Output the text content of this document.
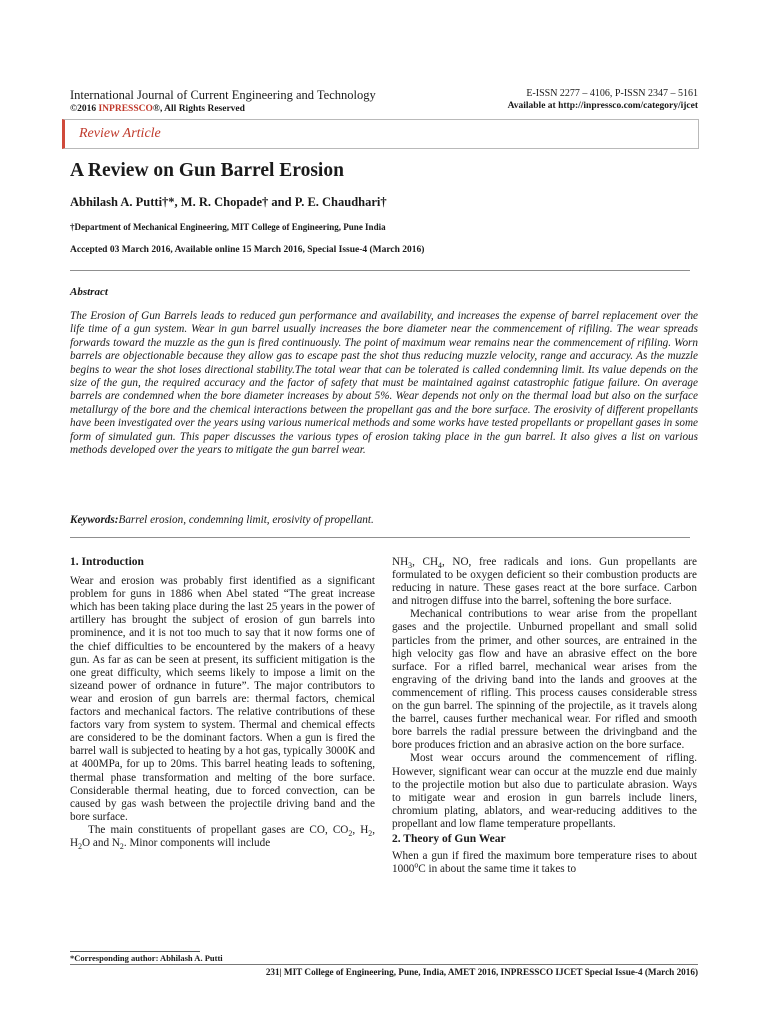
International Journal of Current Engineering and Technology
©2016 INPRESSCO®, All Rights Reserved
E-ISSN 2277 – 4106, P-ISSN 2347 – 5161
Available at http://inpressco.com/category/ijcet
Review Article
A Review on Gun Barrel Erosion
Abhilash A. Putti†*, M. R. Chopade† and P. E. Chaudhari†
†Department of Mechanical Engineering, MIT College of Engineering, Pune India
Accepted 03 March 2016, Available online 15 March 2016, Special Issue-4 (March 2016)
Abstract

The Erosion of Gun Barrels leads to reduced gun performance and availability, and increases the expense of barrel replacement over the life time of a gun system. Wear in gun barrel usually increases the bore diameter near the commencement of rifiling. The wear spreads forwards toward the muzzle as the gun is fired continuously. The point of maximum wear remains near the commencement of rifiling. Worn barrels are objectionable because they allow gas to escape past the shot thus reducing muzzle velocity, range and accuracy. As the muzzle begins to wear the shot loses directional stability.The total wear that can be tolerated is called condemning limit. Its value depends on the size of the gun, the required accuracy and the factor of safety that must be maintained against catastrophic fatigue failure. On average barrels are condemned when the bore diameter increases by about 5%. Wear depends not only on the thermal load but also on the surface metallurgy of the bore and the chemical interactions between the propellant gas and the bore surface. The erosivity of different propellants have been investigated over the years using various numerical methods and some works have tested propellants or propellant gases in some form of simulated gun. This paper discusses the various types of erosion taking place in the gun barrel. It also gives a list on various methods developed over the years to mitigate the gun barrel wear.

Keywords:Barrel erosion, condemning limit, erosivity of propellant.
1. Introduction

Wear and erosion was probably first identified as a significant problem for guns in 1886 when Abel stated “The great increase which has been taking place during the last 25 years in the power of artillery has brought the subject of erosion of gun barrels into prominence, and it is not too much to say that it now forms one of the chief difficulties to be encountered by the makers of a heavy gun. As far as can be seen at present, its sufficient mitigation is the one great difficulty, which seems likely to impose a limit on the sizeand power of ordnance in future”. The major contributors to wear and erosion of gun barrels are: thermal factors, chemical factors and mechanical factors. The relative contributions of these factors vary from system to system. Thermal and chemical effects are considered to be the dominant factors. When a gun is fired the barrel wall is subjected to heating by a hot gas, typically 3000K and at 400MPa, for up to 20ms. This barrel heating leads to softening, thermal phase transformation and melting of the bore surface. Considerable thermal heating, due to forced convection, can be caused by gas wash between the projectile driving band and the bore surface.

The main constituents of propellant gases are CO, $CO_2$, $H_2$, $H_2O$ and $N_2$. Minor components will include

$NH_3$, $CH_4$, NO, free radicals and ions. Gun propellants are formulated to be oxygen deficient so their combustion products are reducing in nature. These gases react at the bore surface. Carbon and nitrogen diffuse into the barrel, softening the bore surface.

Mechanical contributions to wear arise from the propellant gases and the projectile. Unburned propellant and small solid particles from the primer, and other sources, are entrained in the high velocity gas flow and have an abrasive effect on the bore surface. For a rifled barrel, mechanical wear arises from the engraving of the driving band into the lands and grooves at the commencement of rifling. This process causes considerable stress on the gun barrel. The spinning of the projectile, as it travels along the barrel, causes further mechanical wear. For rifled and smooth bore barrels the radial pressure between the drivingband and the bore produces friction and an abrasive action on the bore surface.

Most wear occurs around the commencement of rifling. However, significant wear can occur at the muzzle end due mainly to the projectile motion but also due to particulate abrasion. Ways to mitigate wear and erosion in gun barrels include liners, chromium plating, ablators, and wear-reducing additives to the propellant and low flame temperature propellants.

2. Theory of Gun Wear

When a gun if fired the maximum bore temperature rises to about 1000$^o$C in about the same time it takes to

*Corresponding author: Abhilash A. Putti
231| MIT College of Engineering, Pune, India, AMET 2016, INPRESSCO IJCET Special Issue-4 (March 2016)
